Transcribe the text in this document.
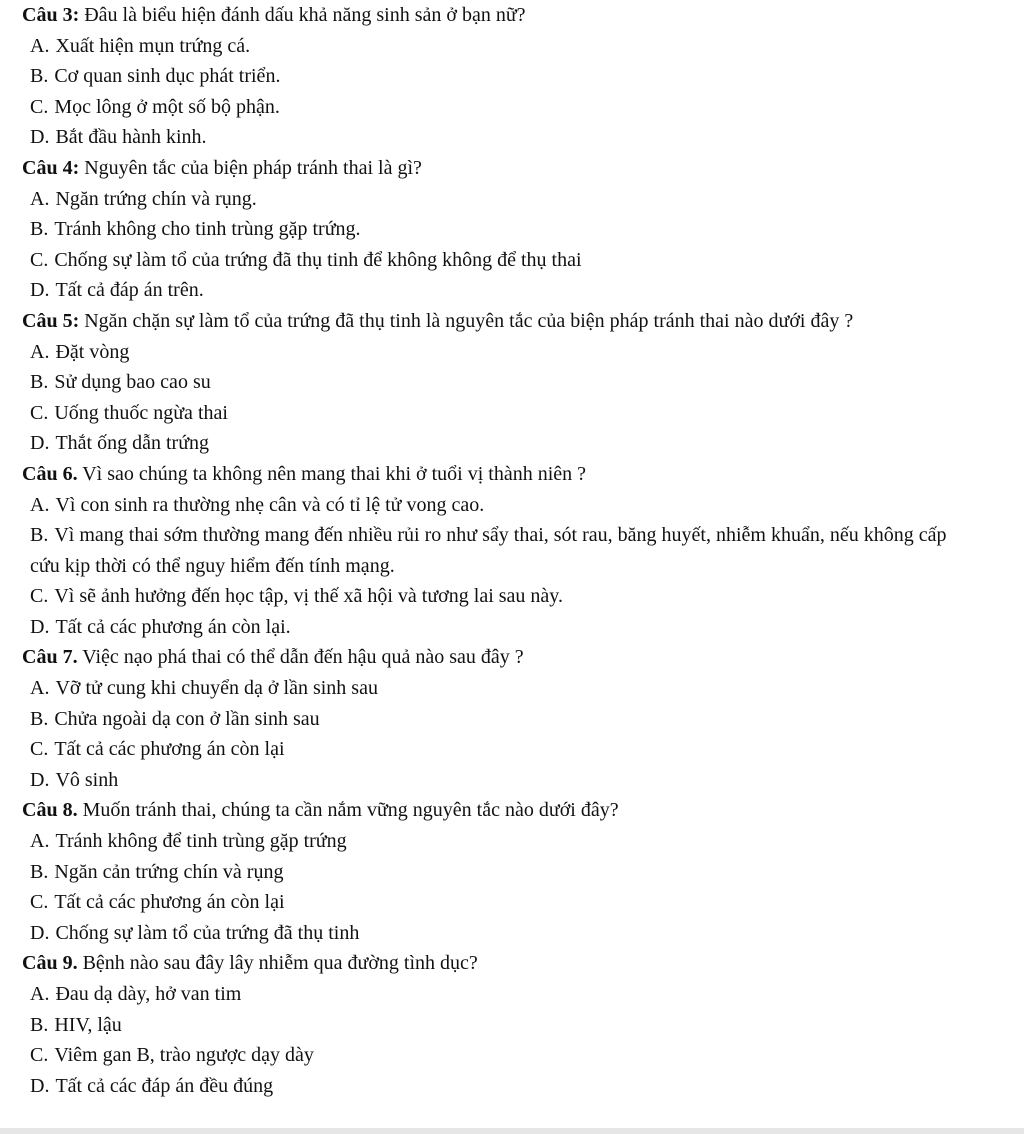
Câu 3: Đâu là biểu hiện đánh dấu khả năng sinh sản ở bạn nữ?
A. Xuất hiện mụn trứng cá.
B. Cơ quan sinh dục phát triển.
C. Mọc lông ở một số bộ phận.
D. Bắt đầu hành kinh.
Câu 4: Nguyên tắc của biện pháp tránh thai là gì?
A. Ngăn trứng chín và rụng.
B. Tránh không cho tinh trùng gặp trứng.
C. Chống sự làm tổ của trứng đã thụ tinh để không không để thụ thai
D. Tất cả đáp án trên.
Câu 5: Ngăn chặn sự làm tổ của trứng đã thụ tinh là nguyên tắc của biện pháp tránh thai nào dưới đây ?
A. Đặt vòng
B. Sử dụng bao cao su
C. Uống thuốc ngừa thai
D. Thắt ống dẫn trứng
Câu 6. Vì sao chúng ta không nên mang thai khi ở tuổi vị thành niên ?
A. Vì con sinh ra thường nhẹ cân và có tỉ lệ tử vong cao.
B. Vì mang thai sớm thường mang đến nhiều rủi ro như sẩy thai, sót rau, băng huyết, nhiễm khuẩn, nếu không cấp cứu kịp thời có thể nguy hiểm đến tính mạng.
C. Vì sẽ ảnh hưởng đến học tập, vị thế xã hội và tương lai sau này.
D. Tất cả các phương án còn lại.
Câu 7. Việc nạo phá thai có thể dẫn đến hậu quả nào sau đây ?
A. Vỡ tử cung khi chuyển dạ ở lần sinh sau
B. Chửa ngoài dạ con ở lần sinh sau
C. Tất cả các phương án còn lại
D. Vô sinh
Câu 8. Muốn tránh thai, chúng ta cần nắm vững nguyên tắc nào dưới đây?
A. Tránh không để tinh trùng gặp trứng
B. Ngăn cản trứng chín và rụng
C. Tất cả các phương án còn lại
D. Chống sự làm tổ của trứng đã thụ tinh
Câu 9. Bệnh nào sau đây lây nhiễm qua đường tình dục?
A. Đau dạ dày, hở van tim
B. HIV, lậu
C. Viêm gan B, trào ngược dạy dày
D. Tất cả các đáp án đều đúng
